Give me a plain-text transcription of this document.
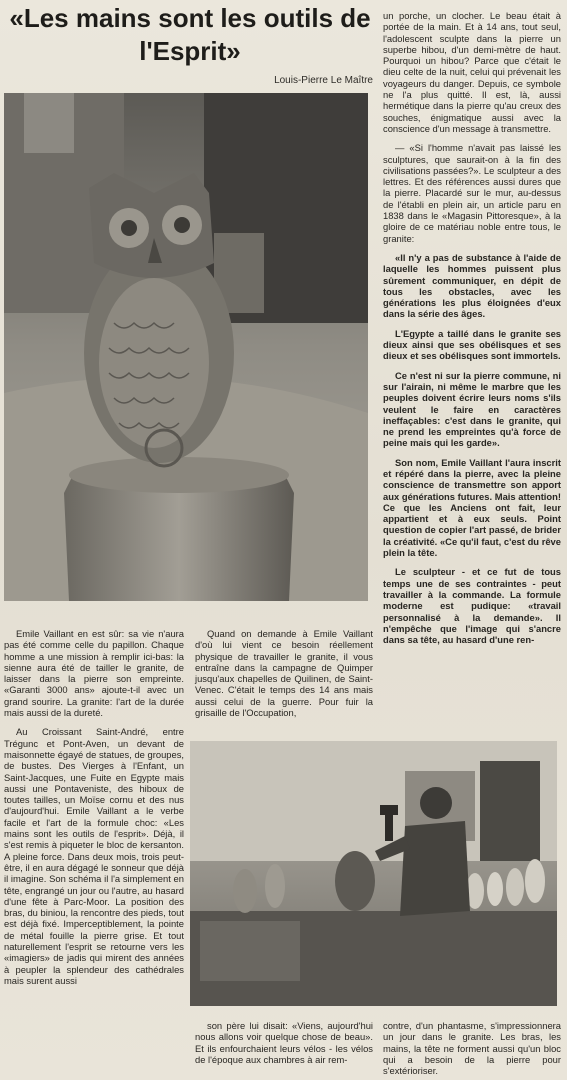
«Les mains sont les outils de l'Esprit»
Louis-Pierre Le Maître

un porche, un clocher. Le beau était à portée de la main. Et à 14 ans, tout seul, l'adolescent sculpte dans la pierre un superbe hibou, d'un demi-mètre de haut. Pourquoi un hibou? Parce que c'était le dieu celte de la nuit, celui qui prévenait les voyageurs du danger. Depuis, ce symbole ne l'a plus quitté. Il est, là, aussi hermétique dans la pierre qu'au creux des souches, énigmatique aussi avec la conscience d'un message à transmettre.

— «Si l'homme n'avait pas laissé les sculptures, que saurait-on à la fin des civilisations passées?». Le sculpteur a des lettres. Et des références aussi dures que la pierre. Placardé sur le mur, au-dessus de l'établi en plein air, un article paru en 1838 dans le «Magasin Pittoresque», à la gloire de ce matériau noble entre tous, le granite:

«Il n'y a pas de substance à l'aide de laquelle les hommes puissent plus sûrement communiquer, en dépit de tous les obstacles, avec les générations les plus éloignées d'eux dans la série des âges.

L'Egypte a taillé dans le granite ses dieux ainsi que ses obélisques et ses dieux et ses obélisques sont immortels.

Ce n'est ni sur la pierre commune, ni sur l'airain, ni même le marbre que les peuples doivent écrire leurs noms s'ils veulent le faire en caractères ineffaçables: c'est dans le granite, qui ne prend les empreintes qu'à force de peine mais qui les garde».

Son nom, Emile Vaillant l'aura inscrit et répéré dans la pierre, avec la pleine conscience de transmettre son apport aux générations futures. Mais attention! Ce que les Anciens ont fait, leur appartient et à eux seuls. Point question de copier l'art passé, de brider la créativité. «Ce qu'il faut, c'est du rêve plein la tête.

Le sculpteur - et ce fut de tous temps une de ses contraintes - peut travailler à la commande. La formule moderne est pudique: «travail personnalisé à la demande». Il n'empêche que l'image qui s'ancre dans sa tête, au hasard d'une ren-

Emile Vaillant en est sûr: sa vie n'aura pas été comme celle du papillon. Chaque homme a une mission à remplir ici-bas: la sienne aura été de tailler le granite, de laisser dans la pierre son empreinte. «Garanti 3000 ans» ajoute-t-il avec un grand sourire. La granite: l'art de la durée mais aussi de la dureté.

Au Croissant Saint-André, entre Trégunc et Pont-Aven, un devant de maisonnette égayé de statues, de groupes, de bustes. Des Vierges à l'Enfant, un Saint-Jacques, une Fuite en Egypte mais aussi une Pontaveniste, des hiboux de toutes tailles, un Moïse cornu et des nus d'aujourd'hui. Emile Vaillant a le verbe facile et l'art de la formule choc: «Les mains sont les outils de l'esprit». Déjà, il s'est remis à piqueter le bloc de kersanton. A pleine force. Dans deux mois, trois peut-être, il en aura dégagé le sonneur que déjà il imagine. Son schéma il l'a simplement en tête, engrangé un jour ou l'autre, au hasard d'une fête à Parc-Moor. La position des bras, du biniou, la rencontre des pieds, tout est déjà fixé. Imperceptiblement, la pointe de métal fouille la pierre grise. Et tout naturellement l'esprit se retourne vers les «imagiers» de jadis qui mirent des années à peupler la splendeur des cathédrales mais surent aussi

Quand on demande à Emile Vaillant d'où lui vient ce besoin réellement physique de travailler le granite, il vous entraîne dans la campagne de Quimper jusqu'aux chapelles de Quilinen, de Saint-Venec. C'était le temps des 14 ans mais aussi celui de la guerre. Pour fuir la grisaille de l'Occupation,

son père lui disait: «Viens, aujourd'hui nous allons voir quelque chose de beau». Et ils enfourchaient leurs vélos - les vélos de l'époque aux chambres à air rem-

contre, d'un phantasme, s'impressionnera un jour dans le granite. Les bras, les mains, la tête ne forment aussi qu'un bloc qui a besoin de la pierre pour s'extérioriser.
